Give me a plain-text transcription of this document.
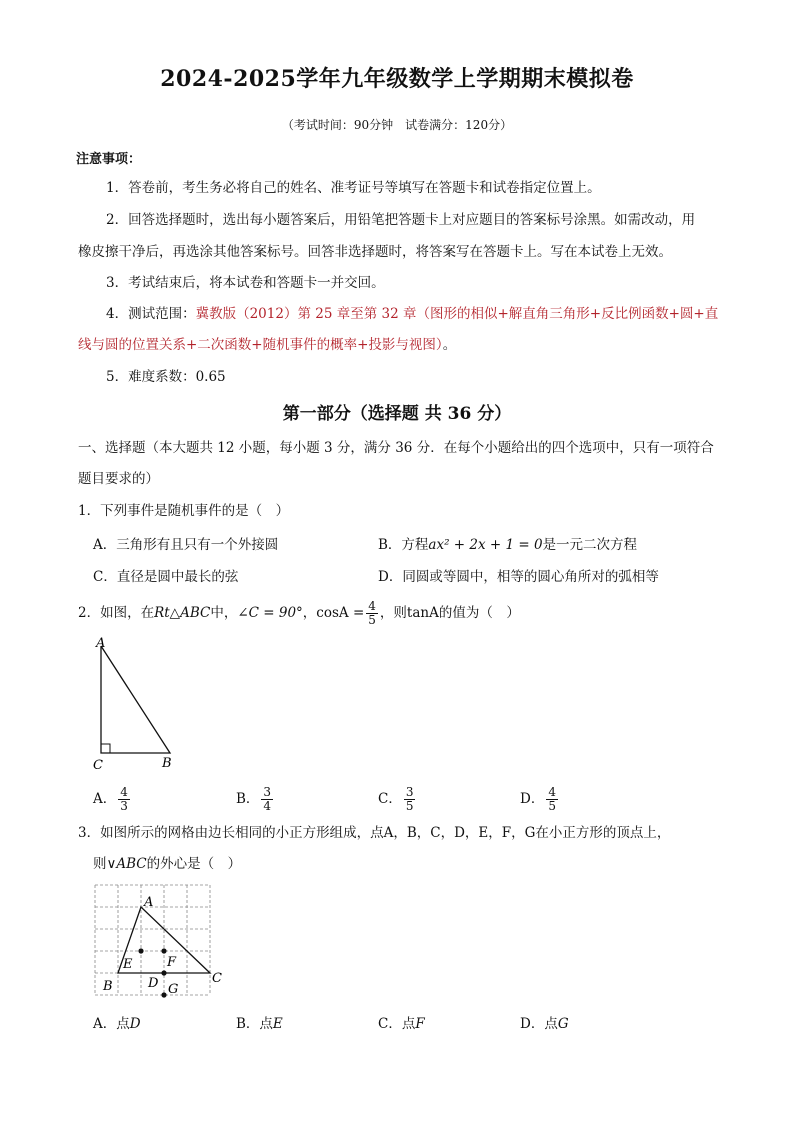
2024-2025学年九年级数学上学期期末模拟卷
（考试时间：90分钟　试卷满分：120分）
注意事项：
1．答卷前，考生务必将自己的姓名、准考证号等填写在答题卡和试卷指定位置上。
2．回答选择题时，选出每小题答案后，用铅笔把答题卡上对应题目的答案标号涂黑。如需改动，用
橡皮擦干净后，再选涂其他答案标号。回答非选择题时，将答案写在答题卡上。写在本试卷上无效。
3．考试结束后，将本试卷和答题卡一并交回。
4．测试范围：冀教版（2012）第 25 章至第 32 章（图形的相似+解直角三角形+反比例函数+圆+直
线与圆的位置关系+二次函数+随机事件的概率+投影与视图）。
5．难度系数：0.65
第一部分（选择题 共 36 分）
一、选择题（本大题共 12 小题，每小题 3 分，满分 36 分．在每个小题给出的四个选项中，只有一项符合
题目要求的）
1．下列事件是随机事件的是（　）
A．三角形有且只有一个外接圆	B．方程ax² + 2x + 1 = 0是一元二次方程
C．直径是圆中最长的弦	D．同圆或等圆中，相等的圆心角所对的弧相等
2．如图，在Rt△ABC中，∠C = 90°，$\cos A = \frac{4}{5}$ ，则tanA的值为（　）
A
C	B
A． $\frac{4}{3}$	B． $\frac{3}{4}$	C． $\frac{3}{5}$	D． $\frac{4}{5}$
3．如图所示的网格由边长相同的小正方形组成，点A，B，C，D，E，F，G在小正方形的顶点上，
则∨ABC的外心是（　）
A
B
C
D
E	F
G
A．点D	B．点E	C．点F	D．点G
